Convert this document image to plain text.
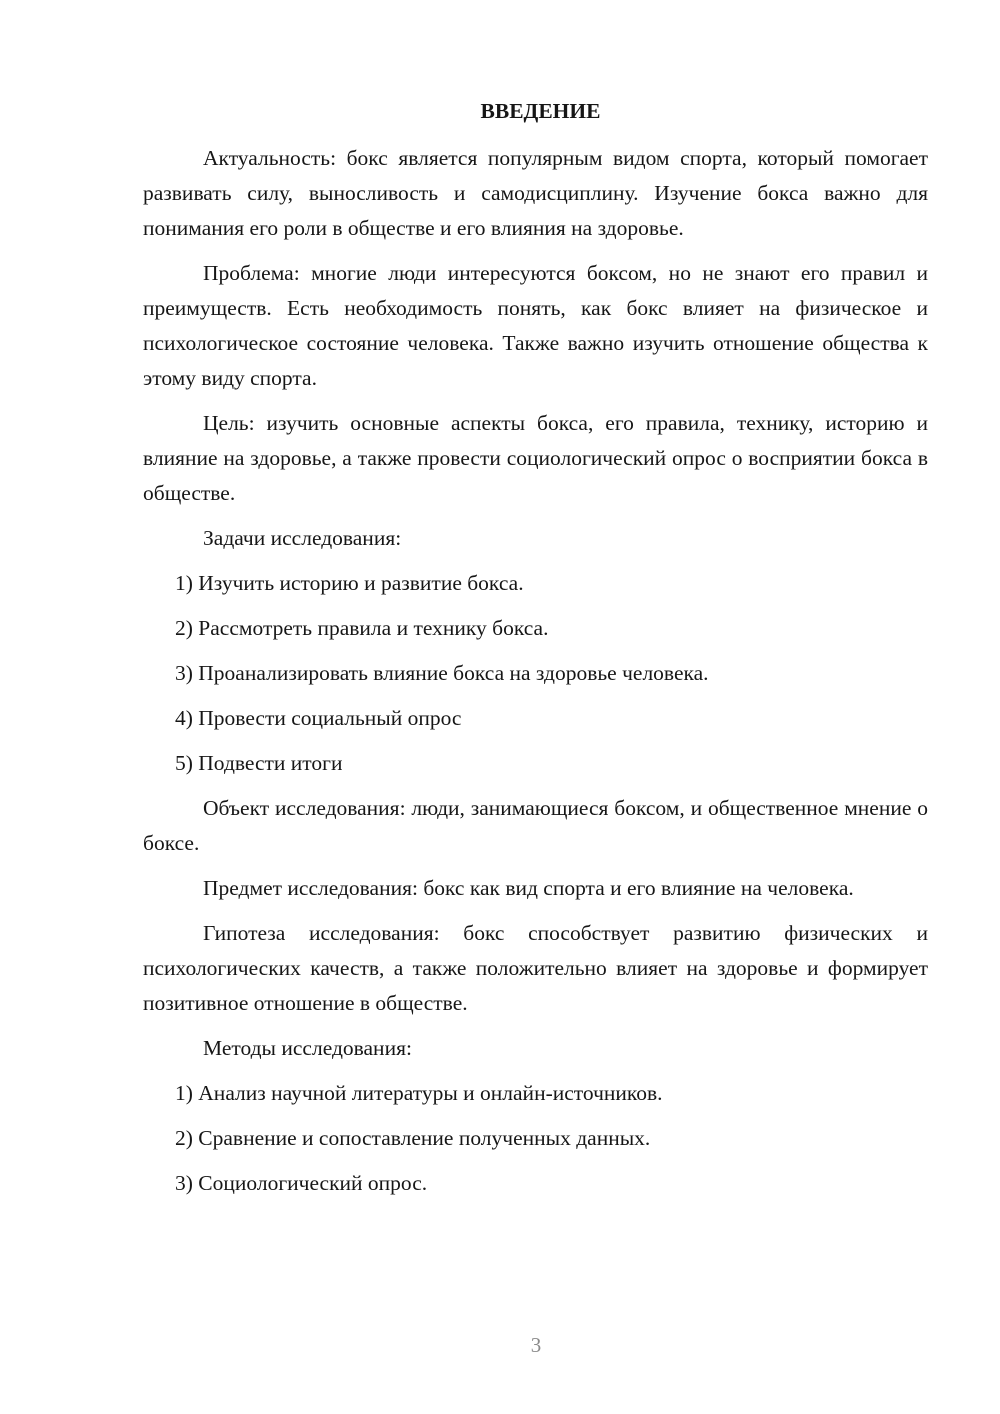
ВВЕДЕНИЕ

Актуальность: бокс является популярным видом спорта, который помогает развивать силу, выносливость и самодисциплину. Изучение бокса важно для понимания его роли в обществе и его влияния на здоровье.

Проблема: многие люди интересуются боксом, но не знают его правил и преимуществ. Есть необходимость понять, как бокс влияет на физическое и психологическое состояние человека. Также важно изучить отношение общества к этому виду спорта.

Цель: изучить основные аспекты бокса, его правила, технику, историю и влияние на здоровье, а также провести социологический опрос о восприятии бокса в обществе.

Задачи исследования:

1) Изучить историю и развитие бокса.

2) Рассмотреть правила и технику бокса.

3) Проанализировать влияние бокса на здоровье человека.

4) Провести социальный опрос

5) Подвести итоги

Объект исследования: люди, занимающиеся боксом, и общественное мнение о боксе.

Предмет исследования: бокс как вид спорта и его влияние на человека.

Гипотеза исследования: бокс способствует развитию физических и психологических качеств, а также положительно влияет на здоровье и формирует позитивное отношение в обществе.

Методы исследования:

1) Анализ научной литературы и онлайн-источников.

2) Сравнение и сопоставление полученных данных.

3) Социологический опрос.

3
